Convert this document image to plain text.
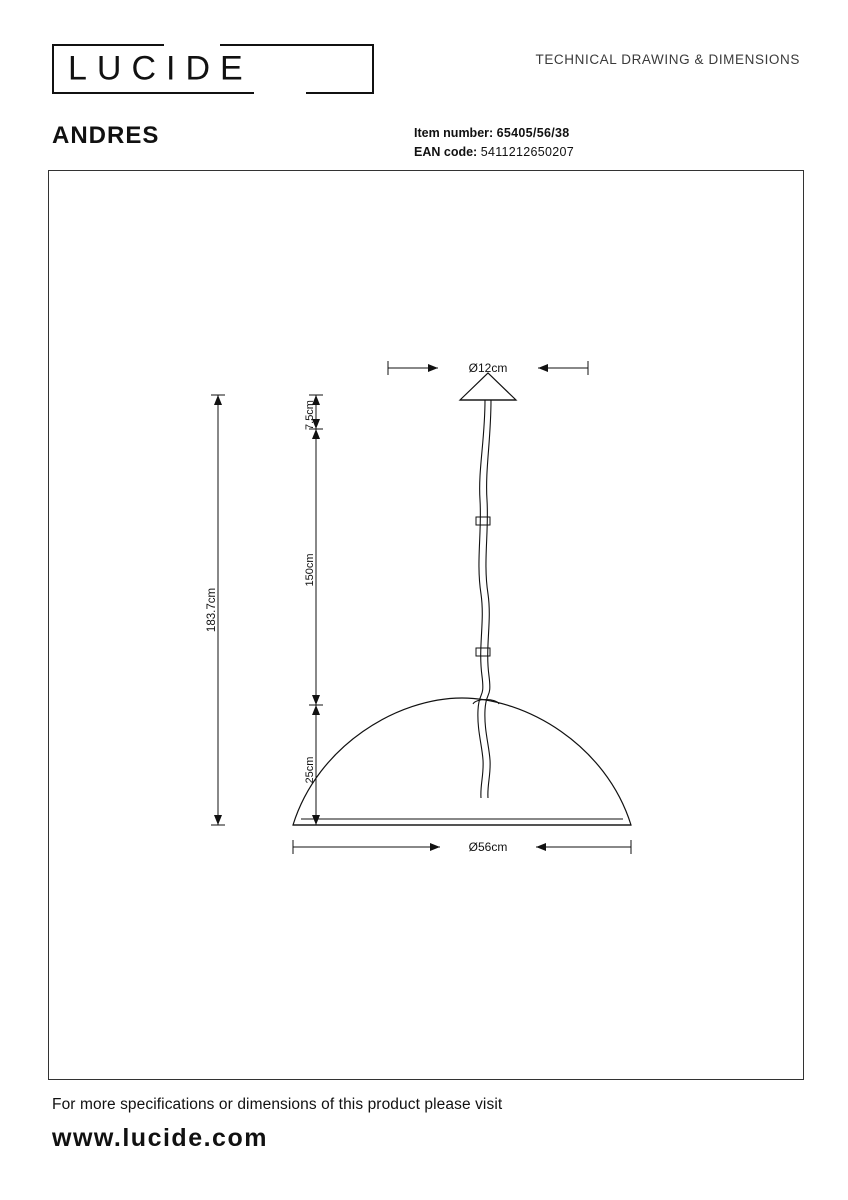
LUCIDE	TECHNICAL DRAWING & DIMENSIONS
ANDRES	Item number: 65405/56/38
EAN code: 5411212650207
Ø12cm
7.5cm
150cm
25cm
183.7cm
Ø56cm
For more specifications or dimensions of this product please visit
www.lucide.com
